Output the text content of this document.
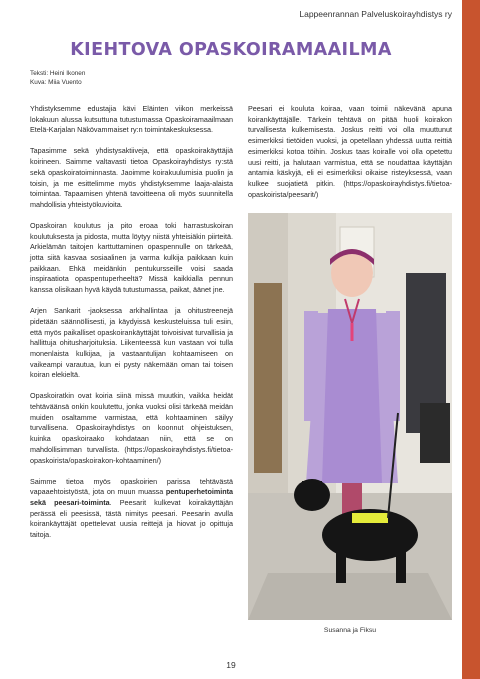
Lappeenrannan Palveluskoirayhdistys ry
KIEHTOVA OPASKOIRAMAAILMA
Teksti: Heini Ikonen
Kuva: Miia Vuento

Yhdistyksemme edustajia kävi Eläinten viikon merkeissä lokakuun alussa kutsuttuna tutustumassa Opaskoiramaailmaan Etelä-Karjalan Näkövammaiset ry:n toimintakeskuksessa.

Tapasimme sekä yhdistysaktiiveja, että opaskoirakäyttäjiä koirineen. Saimme valtavasti tietoa Opaskoirayhdistys ry:stä sekä opaskoiratoiminnasta. Jaoimme koirakuulumisia puolin ja toisin, ja me esittelimme myös yhdistyksemme laaja-alaista toimintaa. Tapaamisen yhtenä tavoitteena oli myös suunnitella mahdollisia yhteistyökuvioita.

Opaskoiran koulutus ja pito eroaa toki harrastuskoiran koulutuksesta ja pidosta, mutta löytyy niistä yhteisiäkin piirteitä. Arkielämän taitojen karttuttaminen opaspennulle on tärkeää, jotta siitä kasvaa sosiaalinen ja varma kulkija paikkaan kuin paikkaan. Ehkä meidänkin pentukursseille voisi saada inspiraatiota opaspentuperheeltä? Missä kaikkialla pennun kanssa olisikaan hyvä käydä tutustumassa, paikat, äänet jne.

Arjen Sankarit -jaoksessa arkihallintaa ja ohitustreenejä pidetään säännöllisesti, ja käydyissä keskusteluissa tuli esiin, että myös paikalliset opaskoirankäyttäjät toivoisivat turvallisia ja hallittuja ohitusharjoituksia. Liikenteessä kun vastaan voi tulla monenlaista kulkijaa, ja vastaantulijan kohtaamiseen on vaikeampi varautua, kun ei pysty näkemään oman tai toisen koiran elekieltä.

Opaskoiratkin ovat koiria siinä missä muutkin, vaikka heidät tehtäväänsä onkin koulutettu, jonka vuoksi olisi tärkeää meidän muiden osaltamme varmistaa, että kohtaaminen säilyy turvallisena. Opaskoirayhdistys on koonnut ohjeistuksen, kuinka opaskoiraako kohdataan niin, että se on mahdollisimman turvallista. (https://opaskoirayhdistys.fi/tietoa-opaskoirista/opaskoirakon-kohtaaminen/)

Saimme tietoa myös opaskoirien parissa tehtävästä vapaaehtoistyöstä, jota on muun muassa pentuperhetoiminta sekä peesari-toiminta. Peesarit kulkevat koirakäyttäjän perässä eli peesissä, tästä nimitys peesari. Peesarin avulla koirankäyttäjät opettelevat uusia reittejä ja hiovat jo opittuja taitoja.

Peesari ei kouluta koiraa, vaan toimii näkevänä apuna koirankäyttäjälle. Tärkein tehtävä on pitää huoli koirakon turvallisesta kulkemisesta. Joskus reitti voi olla muuttunut esimerkiksi tietöiden vuoksi, ja opetellaan yhdessä uutta reittiä esimerkiksi kotoa töihin. Joskus taas koiralle voi olla opetettu uusi reitti, ja halutaan varmistua, että se noudattaa käyttäjän antamia käskyjä, eli ei esimerkiksi oikaise risteyksessä, vaan kulkee suojatietä pitkin. (https://opaskoirayhdistys.fi/tietoa-opaskoirista/peesarit/)

Susanna ja Fiksu
19
